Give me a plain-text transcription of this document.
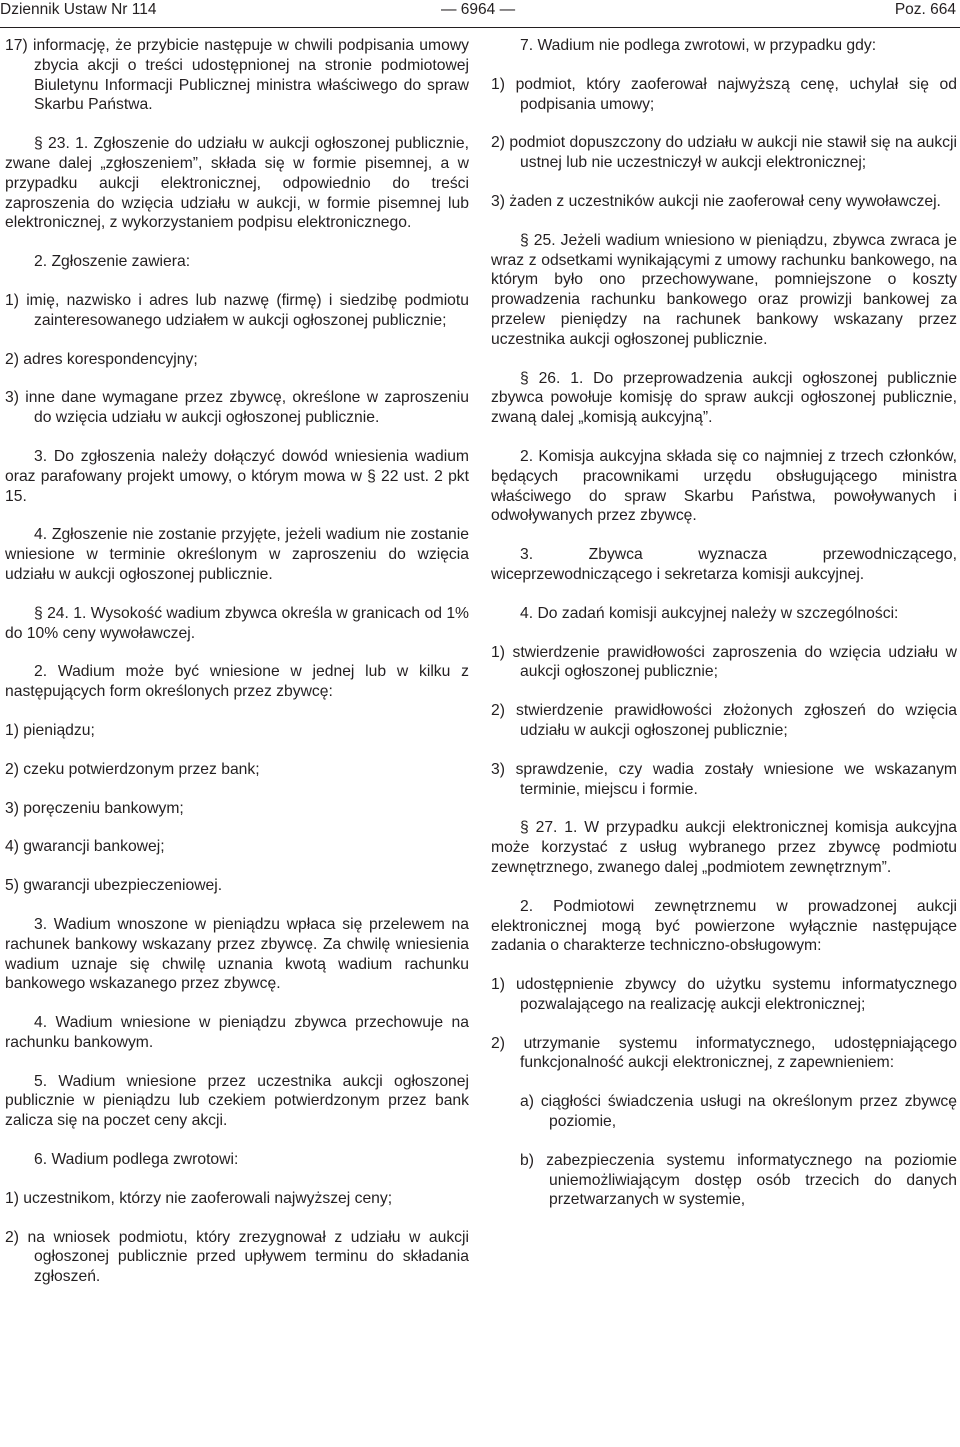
Dziennik Ustaw Nr 114	— 6964 —	Poz. 664

17) informację, że przybicie następuje w chwili podpisania umowy zbycia akcji o treści udostępnionej na stronie podmiotowej Biuletynu Informacji Publicznej ministra właściwego do spraw Skarbu Państwa.

§ 23. 1. Zgłoszenie do udziału w aukcji ogłoszonej publicznie, zwane dalej „zgłoszeniem”, składa się w formie pisemnej, a w przypadku aukcji elektronicznej, odpowiednio do treści zaproszenia do wzięcia udziału w aukcji, w formie pisemnej lub elektronicznej, z wykorzystaniem podpisu elektronicznego.

2. Zgłoszenie zawiera:

1) imię, nazwisko i adres lub nazwę (firmę) i siedzibę podmiotu zainteresowanego udziałem w aukcji ogłoszonej publicznie;

2) adres korespondencyjny;

3) inne dane wymagane przez zbywcę, określone w zaproszeniu do wzięcia udziału w aukcji ogłoszonej publicznie.

3. Do zgłoszenia należy dołączyć dowód wniesienia wadium oraz parafowany projekt umowy, o którym mowa w § 22 ust. 2 pkt 15.

4. Zgłoszenie nie zostanie przyjęte, jeżeli wadium nie zostanie wniesione w terminie określonym w zaproszeniu do wzięcia udziału w aukcji ogłoszonej publicznie.

§ 24. 1. Wysokość wadium zbywca określa w granicach od 1% do 10% ceny wywoławczej.

2. Wadium może być wniesione w jednej lub w kilku z następujących form określonych przez zbywcę:

1) pieniądzu;

2) czeku potwierdzonym przez bank;

3) poręczeniu bankowym;

4) gwarancji bankowej;

5) gwarancji ubezpieczeniowej.

3. Wadium wnoszone w pieniądzu wpłaca się przelewem na rachunek bankowy wskazany przez zbywcę. Za chwilę wniesienia wadium uznaje się chwilę uznania kwotą wadium rachunku bankowego wskazanego przez zbywcę.

4. Wadium wniesione w pieniądzu zbywca przechowuje na rachunku bankowym.

5. Wadium wniesione przez uczestnika aukcji ogłoszonej publicznie w pieniądzu lub czekiem potwierdzonym przez bank zalicza się na poczet ceny akcji.

6. Wadium podlega zwrotowi:

1) uczestnikom, którzy nie zaoferowali najwyższej ceny;

2) na wniosek podmiotu, który zrezygnował z udziału w aukcji ogłoszonej publicznie przed upływem terminu do składania zgłoszeń.

7. Wadium nie podlega zwrotowi, w przypadku gdy:

1) podmiot, który zaoferował najwyższą cenę, uchylał się od podpisania umowy;

2) podmiot dopuszczony do udziału w aukcji nie stawił się na aukcji ustnej lub nie uczestniczył w aukcji elektronicznej;

3) żaden z uczestników aukcji nie zaoferował ceny wywoławczej.

§ 25. Jeżeli wadium wniesiono w pieniądzu, zbywca zwraca je wraz z odsetkami wynikającymi z umowy rachunku bankowego, na którym było ono przechowywane, pomniejszone o koszty prowadzenia rachunku bankowego oraz prowizji bankowej za przelew pieniędzy na rachunek bankowy wskazany przez uczestnika aukcji ogłoszonej publicznie.

§ 26. 1. Do przeprowadzenia aukcji ogłoszonej publicznie zbywca powołuje komisję do spraw aukcji ogłoszonej publicznie, zwaną dalej „komisją aukcyjną”.

2. Komisja aukcyjna składa się co najmniej z trzech członków, będących pracownikami urzędu obsługującego ministra właściwego do spraw Skarbu Państwa, powoływanych i odwoływanych przez zbywcę.

3. Zbywca wyznacza przewodniczącego, wiceprzewodniczącego i sekretarza komisji aukcyjnej.

4. Do zadań komisji aukcyjnej należy w szczególności:

1) stwierdzenie prawidłowości zaproszenia do wzięcia udziału w aukcji ogłoszonej publicznie;

2) stwierdzenie prawidłowości złożonych zgłoszeń do wzięcia udziału w aukcji ogłoszonej publicznie;

3) sprawdzenie, czy wadia zostały wniesione we wskazanym terminie, miejscu i formie.

§ 27. 1. W przypadku aukcji elektronicznej komisja aukcyjna może korzystać z usług wybranego przez zbywcę podmiotu zewnętrznego, zwanego dalej „podmiotem zewnętrznym”.

2. Podmiotowi zewnętrznemu w prowadzonej aukcji elektronicznej mogą być powierzone wyłącznie następujące zadania o charakterze techniczno-obsługowym:

1) udostępnienie zbywcy do użytku systemu informatycznego pozwalającego na realizację aukcji elektronicznej;

2) utrzymanie systemu informatycznego, udostępniającego funkcjonalność aukcji elektronicznej, z zapewnieniem:

a) ciągłości świadczenia usługi na określonym przez zbywcę poziomie,

b) zabezpieczenia systemu informatycznego na poziomie uniemożliwiającym dostęp osób trzecich do danych przetwarzanych w systemie,
